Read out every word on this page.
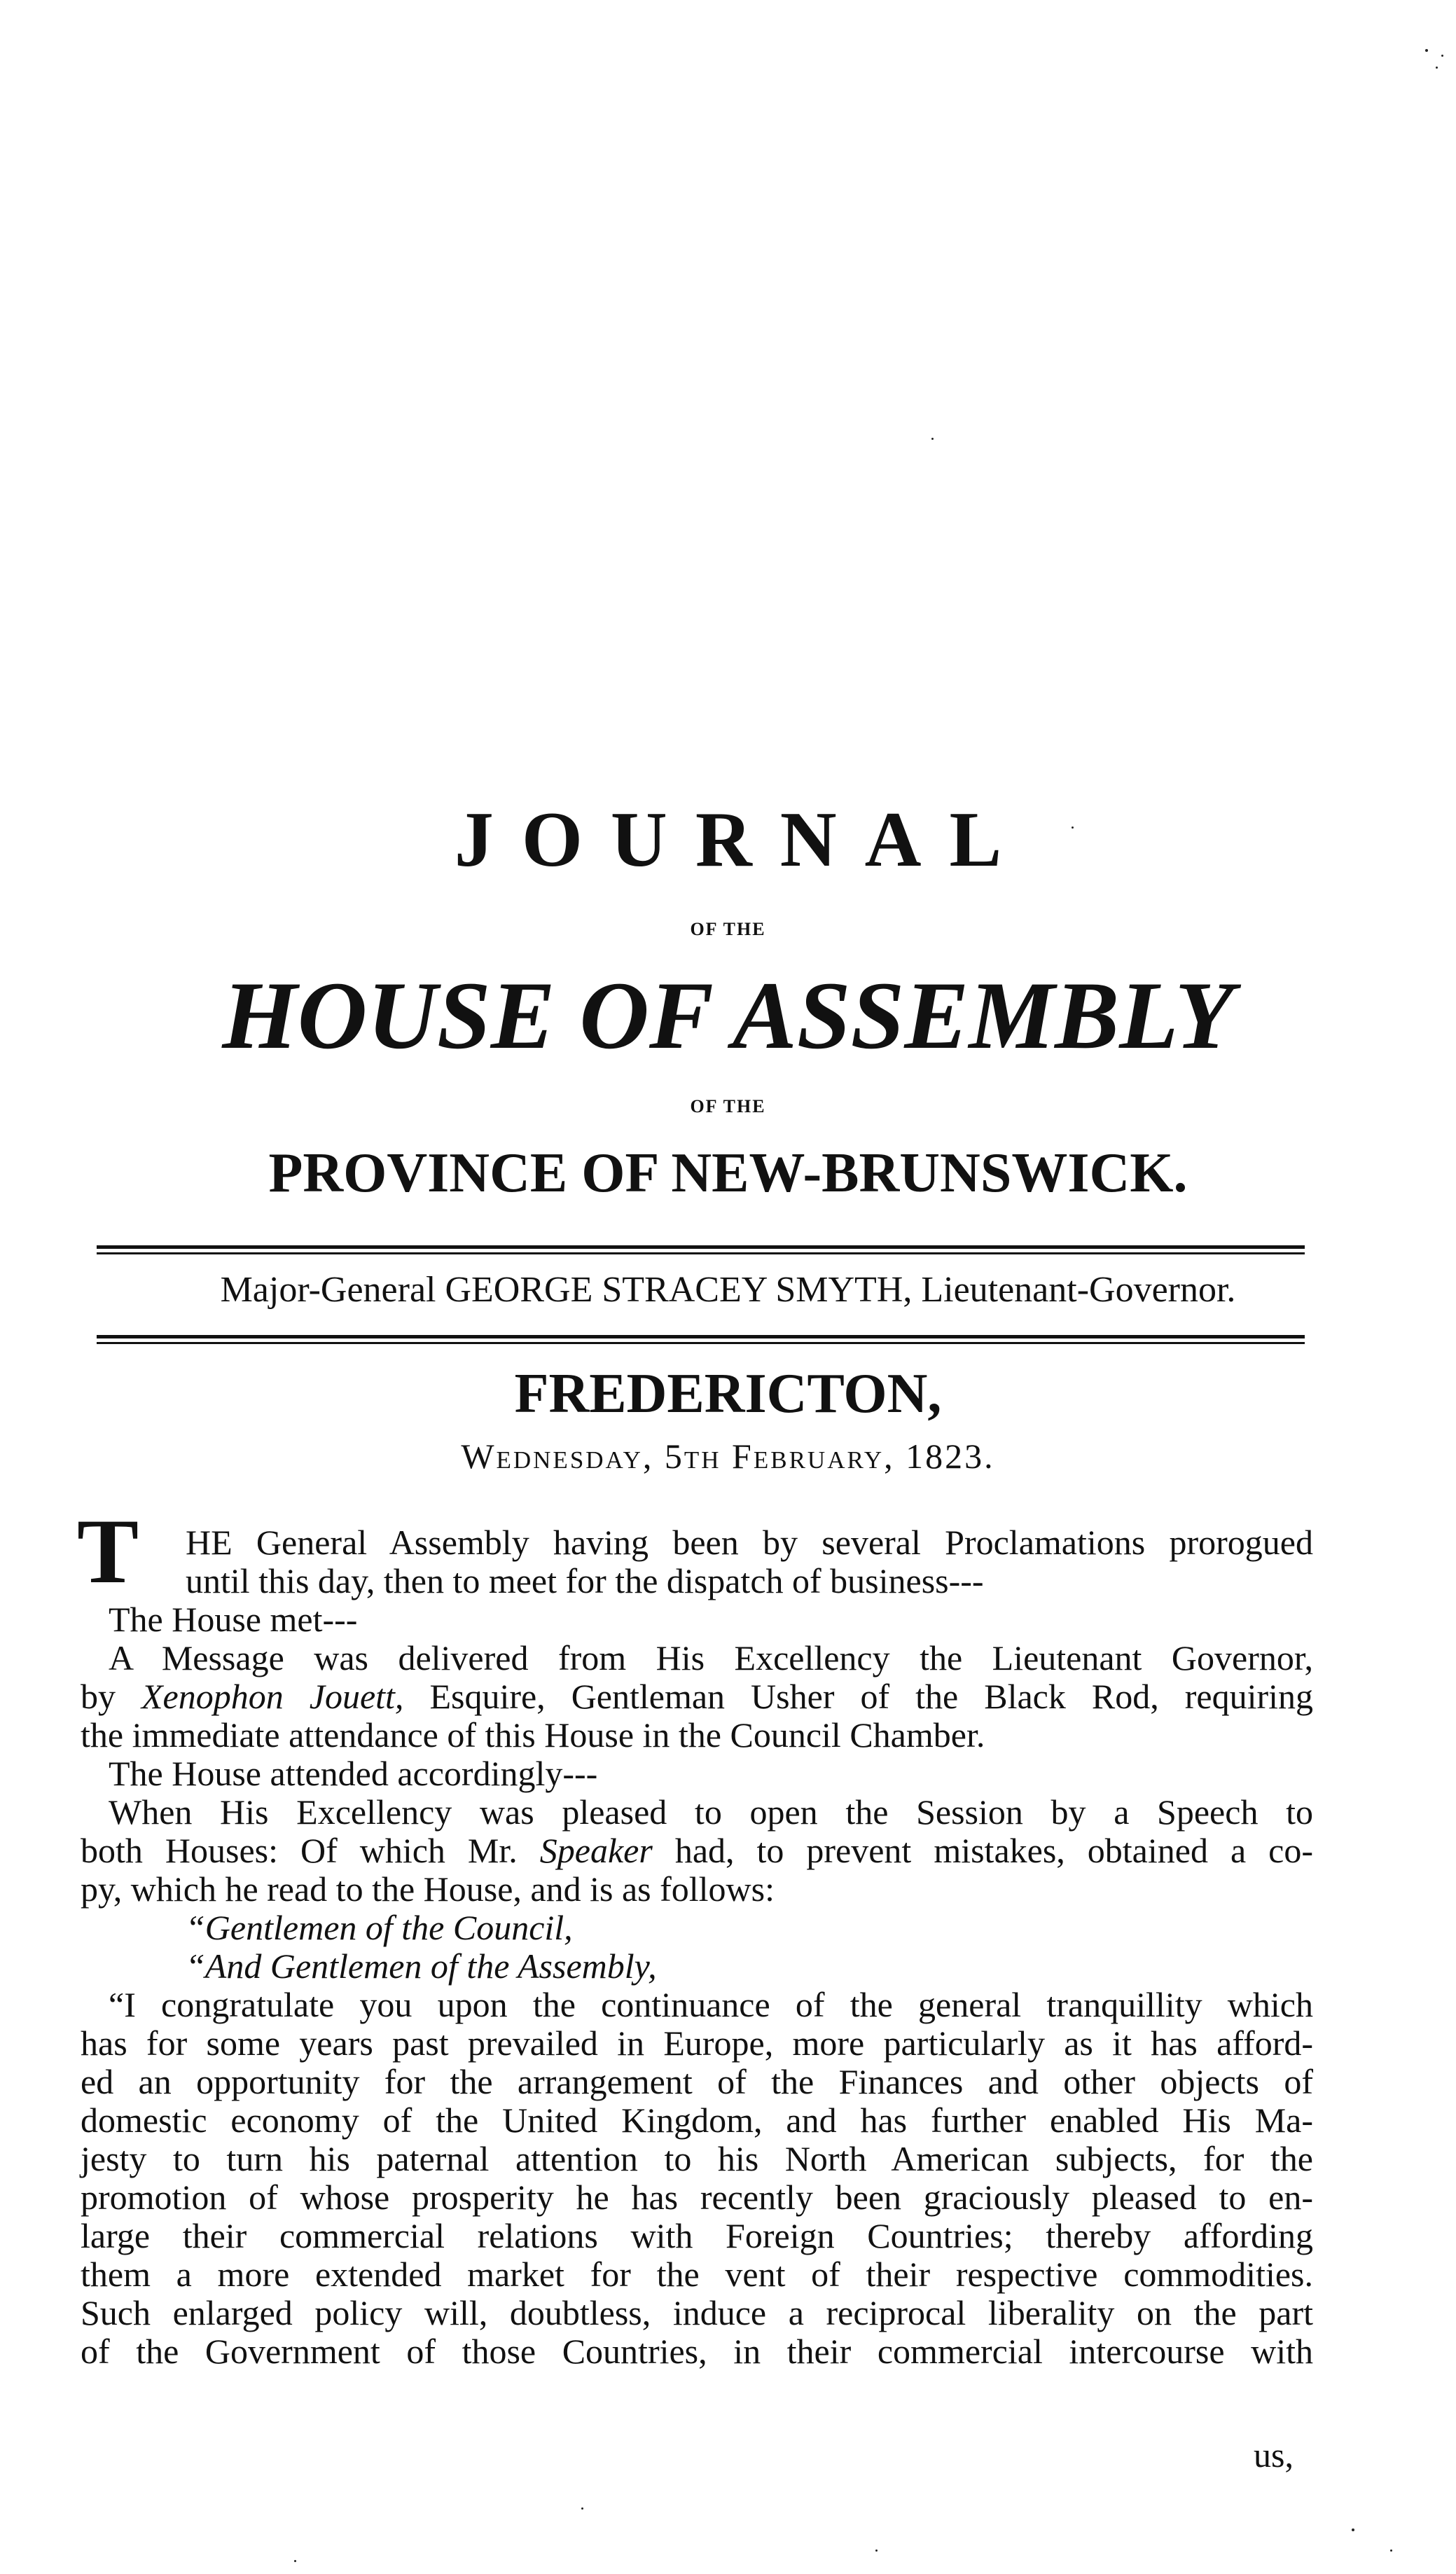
JOURNAL
OF THE
HOUSE OF ASSEMBLY
OF THE
PROVINCE OF NEW-BRUNSWICK.
Major-General GEORGE STRACEY SMYTH, Lieutenant-Governor.
FREDERICTON,
Wednesday, 5th February, 1823.
T	HE General Assembly having been by several Proclamations prorogued
until this day, then to meet for the dispatch of business---
The House met---
A Message was delivered from His Excellency the Lieutenant Governor,
by Xenophon Jouett, Esquire, Gentleman Usher of the Black Rod, requiring
the immediate attendance of this House in the Council Chamber.
The House attended accordingly---
When His Excellency was pleased to open the Session by a Speech to
both Houses: Of which Mr. Speaker had, to prevent mistakes, obtained a co-
py, which he read to the House, and is as follows:
“Gentlemen of the Council,
“And Gentlemen of the Assembly,
“I congratulate you upon the continuance of the general tranquillity which
has for some years past prevailed in Europe, more particularly as it has afford-
ed an opportunity for the arrangement of the Finances and other objects of
domestic economy of the United Kingdom, and has further enabled His Ma-
jesty to turn his paternal attention to his North American subjects, for the
promotion of whose prosperity he has recently been graciously pleased to en-
large their commercial relations with Foreign Countries; thereby affording
them a more extended market for the vent of their respective commodities.
Such enlarged policy will, doubtless, induce a reciprocal liberality on the part
of the Government of those Countries, in their commercial intercourse with
us,
